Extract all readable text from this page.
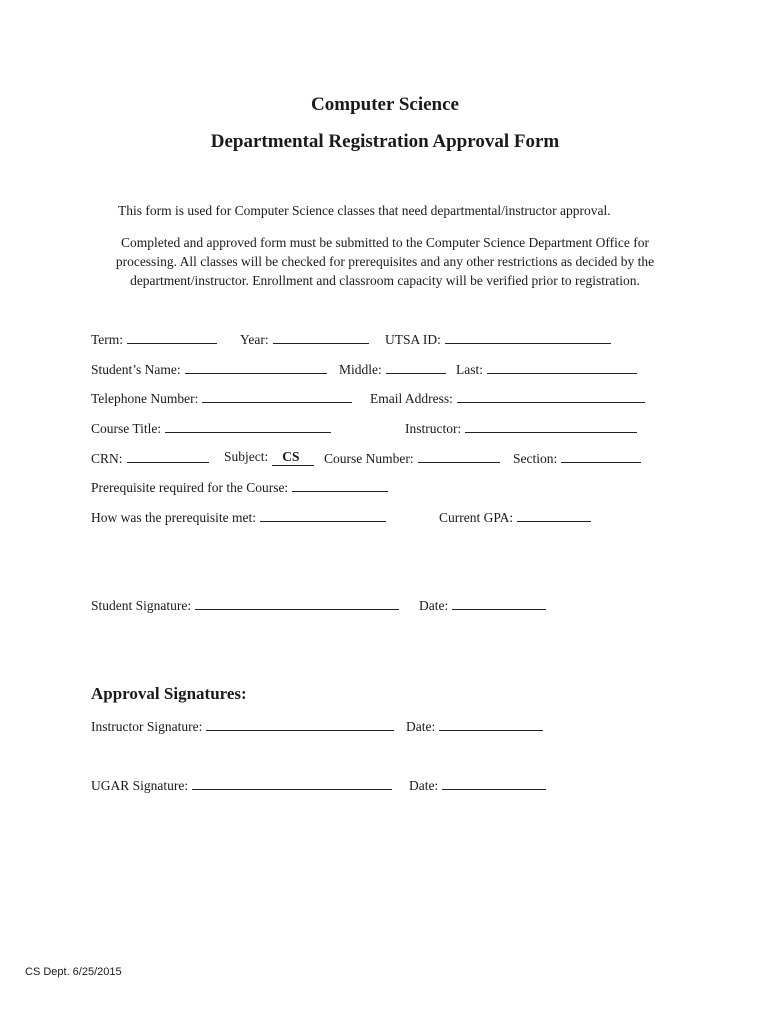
Computer Science
Departmental Registration Approval Form
This form is used for Computer Science classes that need departmental/instructor approval.
Completed and approved form must be submitted to the Computer Science Department Office for processing. All classes will be checked for prerequisites and any other restrictions as decided by the department/instructor. Enrollment and classroom capacity will be verified prior to registration.
Term:	Year:	UTSA ID:
Student’s Name:	Middle:	Last:
Telephone Number:	Email Address:
Course Title:	Instructor:
CRN:	Subject: CS	Course Number:	Section:
Prerequisite required for the Course:
How was the prerequisite met:	Current GPA:
Student Signature:	Date:
Approval Signatures:
Instructor Signature:	Date:
UGAR Signature:	Date:
CS Dept. 6/25/2015
